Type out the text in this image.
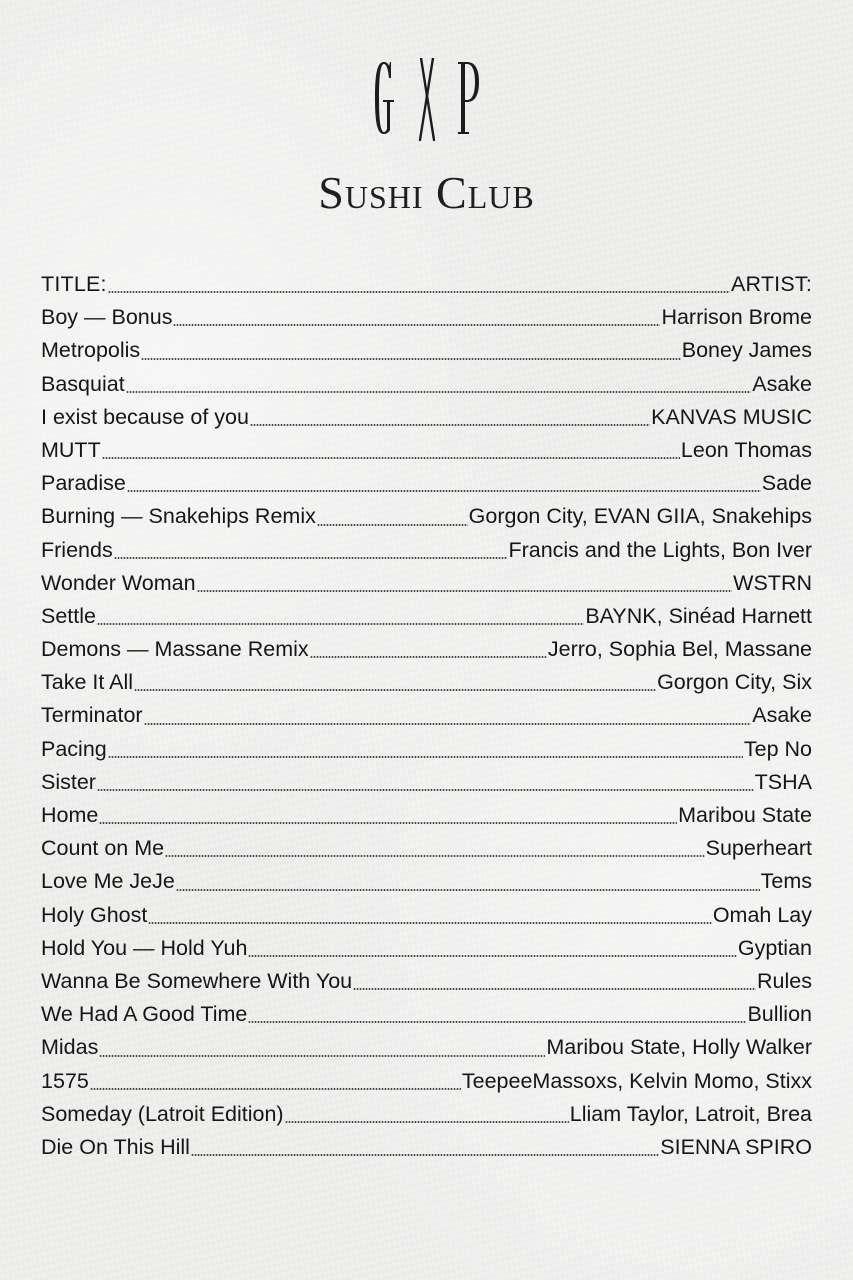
Sushi Club
TITLE:	ARTIST:
Boy — Bonus	Harrison Brome
Metropolis	Boney James
Basquiat	Asake
I exist because of you	KANVAS MUSIC
MUTT	Leon Thomas
Paradise	Sade
Burning — Snakehips Remix	Gorgon City, EVAN GIIA, Snakehips
Friends	Francis and the Lights, Bon Iver
Wonder Woman	WSTRN
Settle	BAYNK, Sinéad Harnett
Demons — Massane Remix	Jerro, Sophia Bel, Massane
Take It All	Gorgon City, Six
Terminator	Asake
Pacing	Tep No
Sister	TSHA
Home	Maribou State
Count on Me	Superheart
Love Me JeJe	Tems
Holy Ghost	Omah Lay
Hold You — Hold Yuh	Gyptian
Wanna Be Somewhere With You	Rules
We Had A Good Time	Bullion
Midas	Maribou State, Holly Walker
1575	TeepeeMassoxs, Kelvin Momo, Stixx
Someday (Latroit Edition)	Lliam Taylor, Latroit, Brea
Die On This Hill	SIENNA SPIRO
